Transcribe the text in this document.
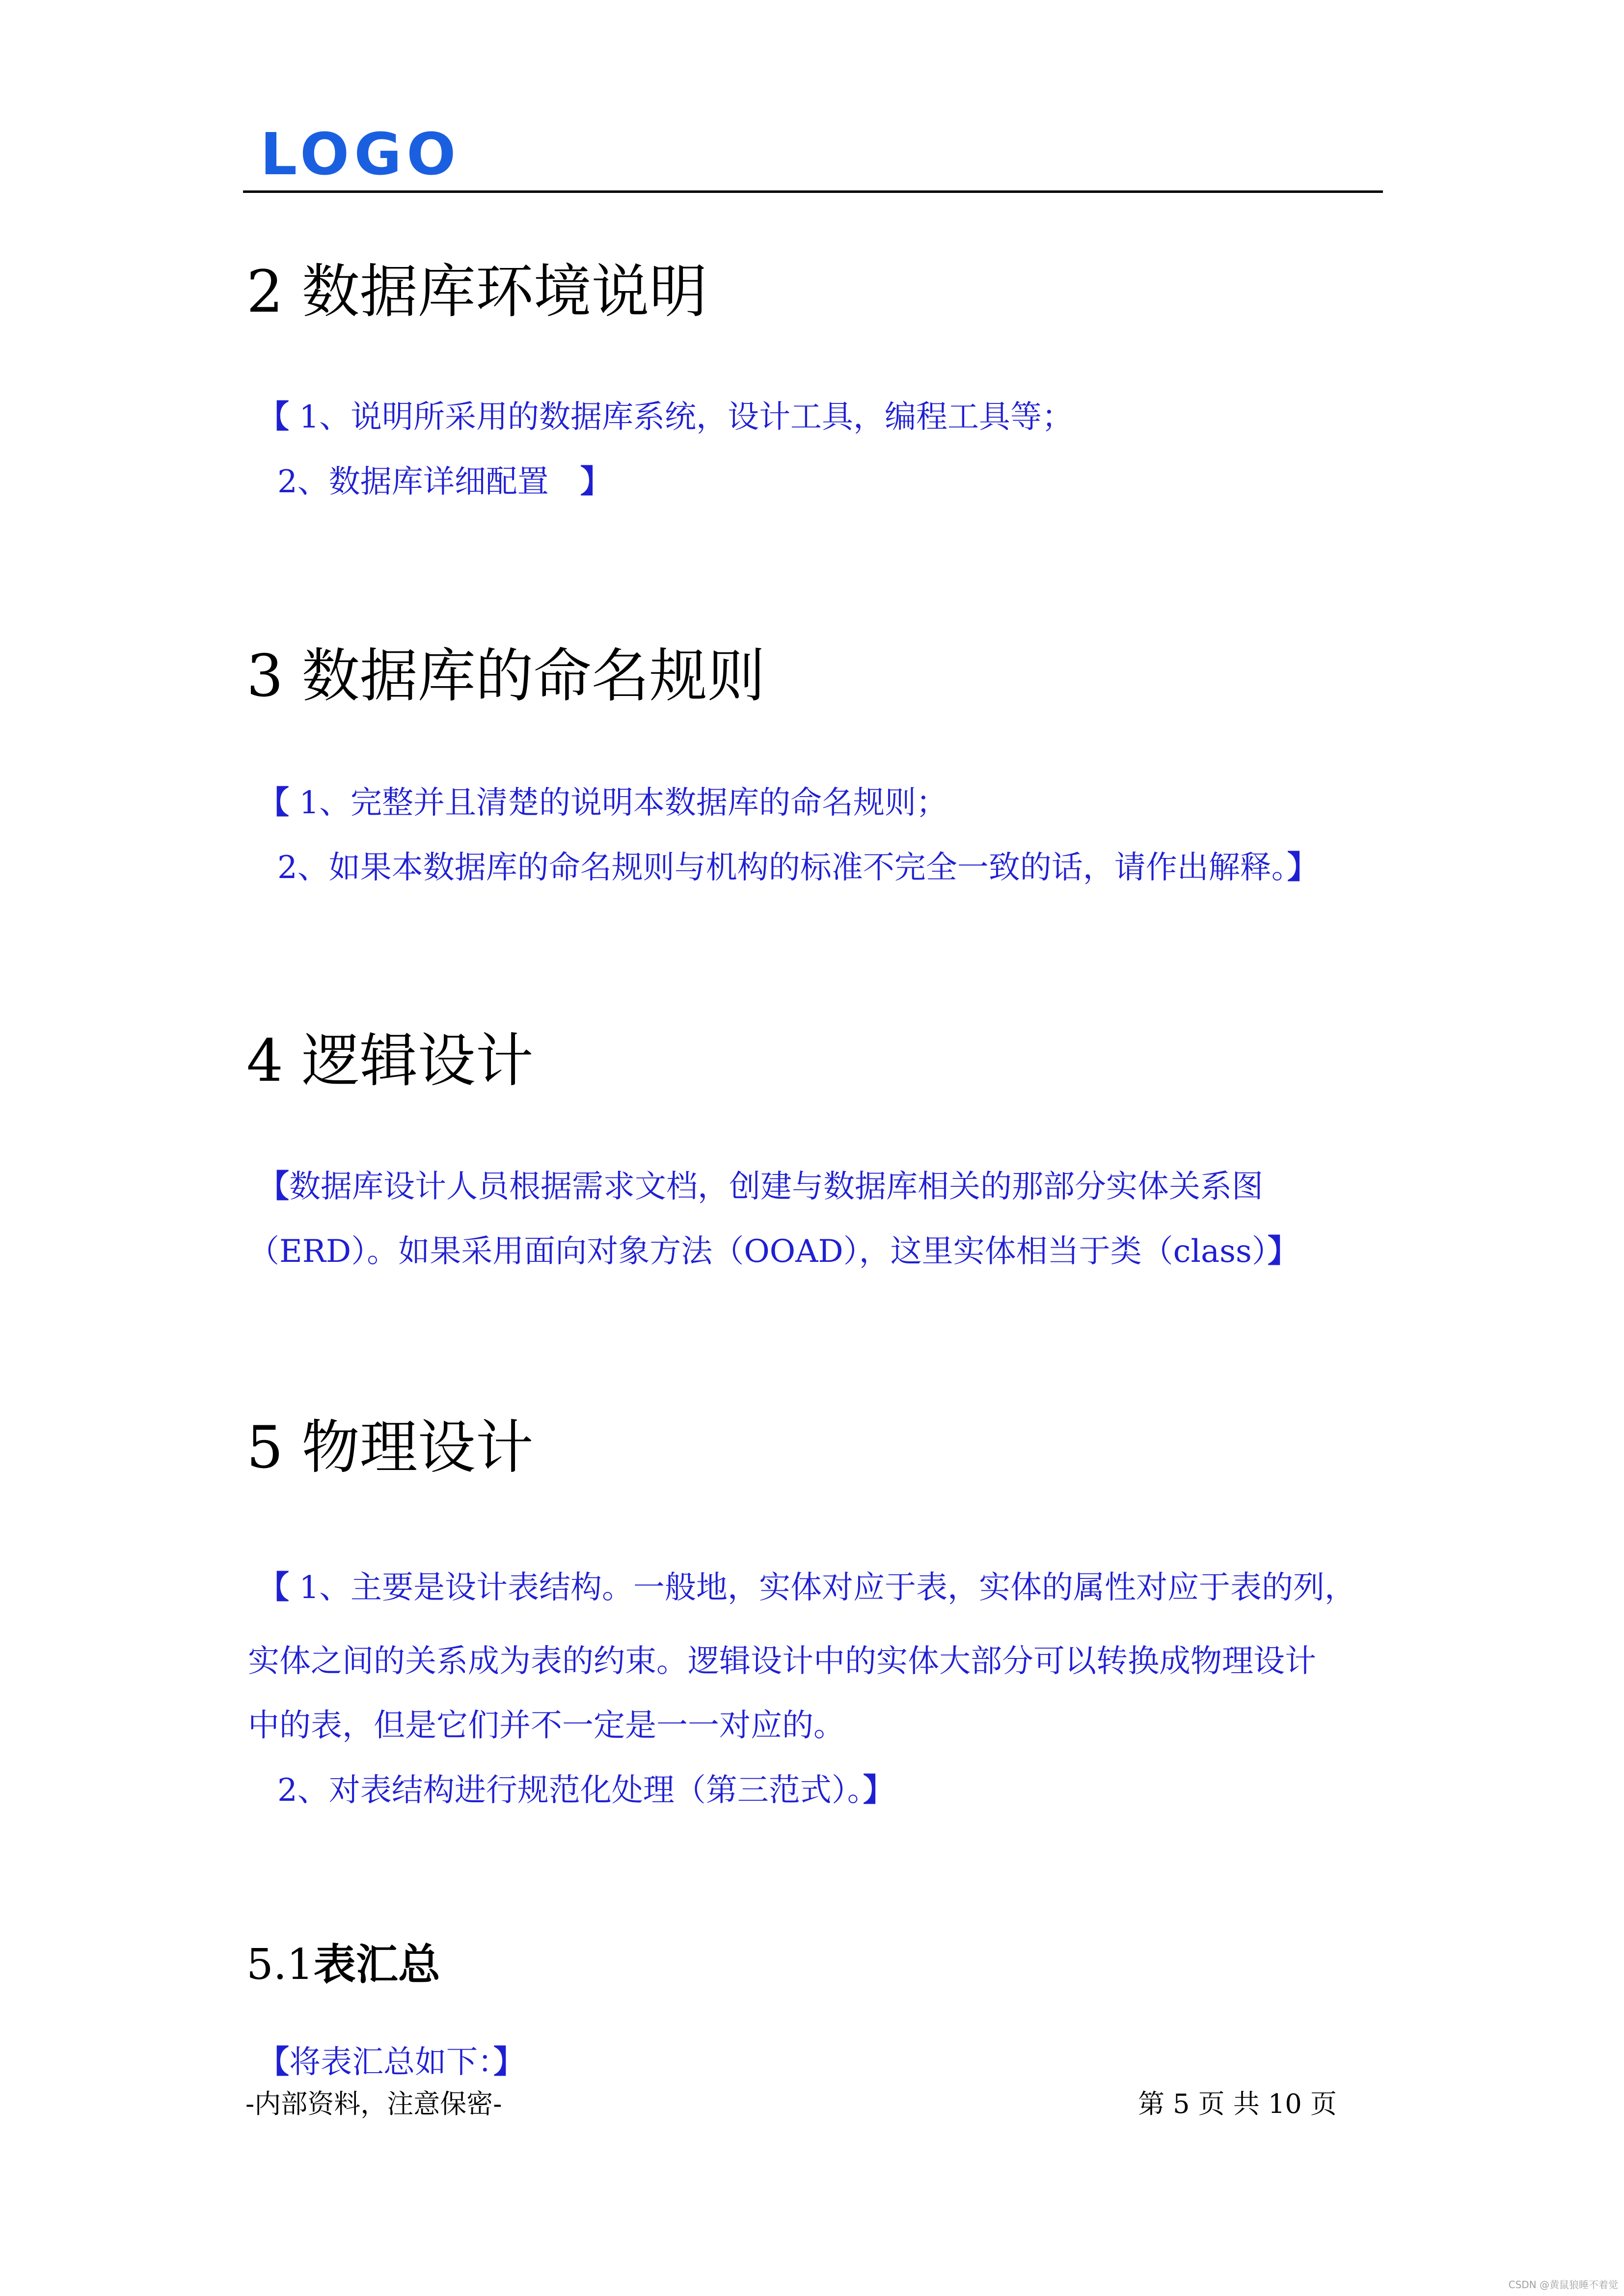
LOGO
2 数据库环境说明
【 1、说明所采用的数据库系统，设计工具，编程工具等；
2、数据库详细配置　 】
3 数据库的命名规则
【 1、完整并且清楚的说明本数据库的命名规则；
2、如果本数据库的命名规则与机构的标准不完全一致的话，请作出解释。】
4 逻辑设计
【数据库设计人员根据需求文档，创建与数据库相关的那部分实体关系图
（ERD）。如果采用面向对象方法（OOAD），这里实体相当于类（class）】
5 物理设计
【 1、主要是设计表结构。一般地，实体对应于表，实体的属性对应于表的列，
实体之间的关系成为表的约束。逻辑设计中的实体大部分可以转换成物理设计
中的表，但是它们并不一定是一一对应的。
2、对表结构进行规范化处理（第三范式）。】
5.1表汇总
【将表汇总如下：】
-内部资料，注意保密-	第 5 页 共 10 页
CSDN @黄鼠狼睡不着觉
